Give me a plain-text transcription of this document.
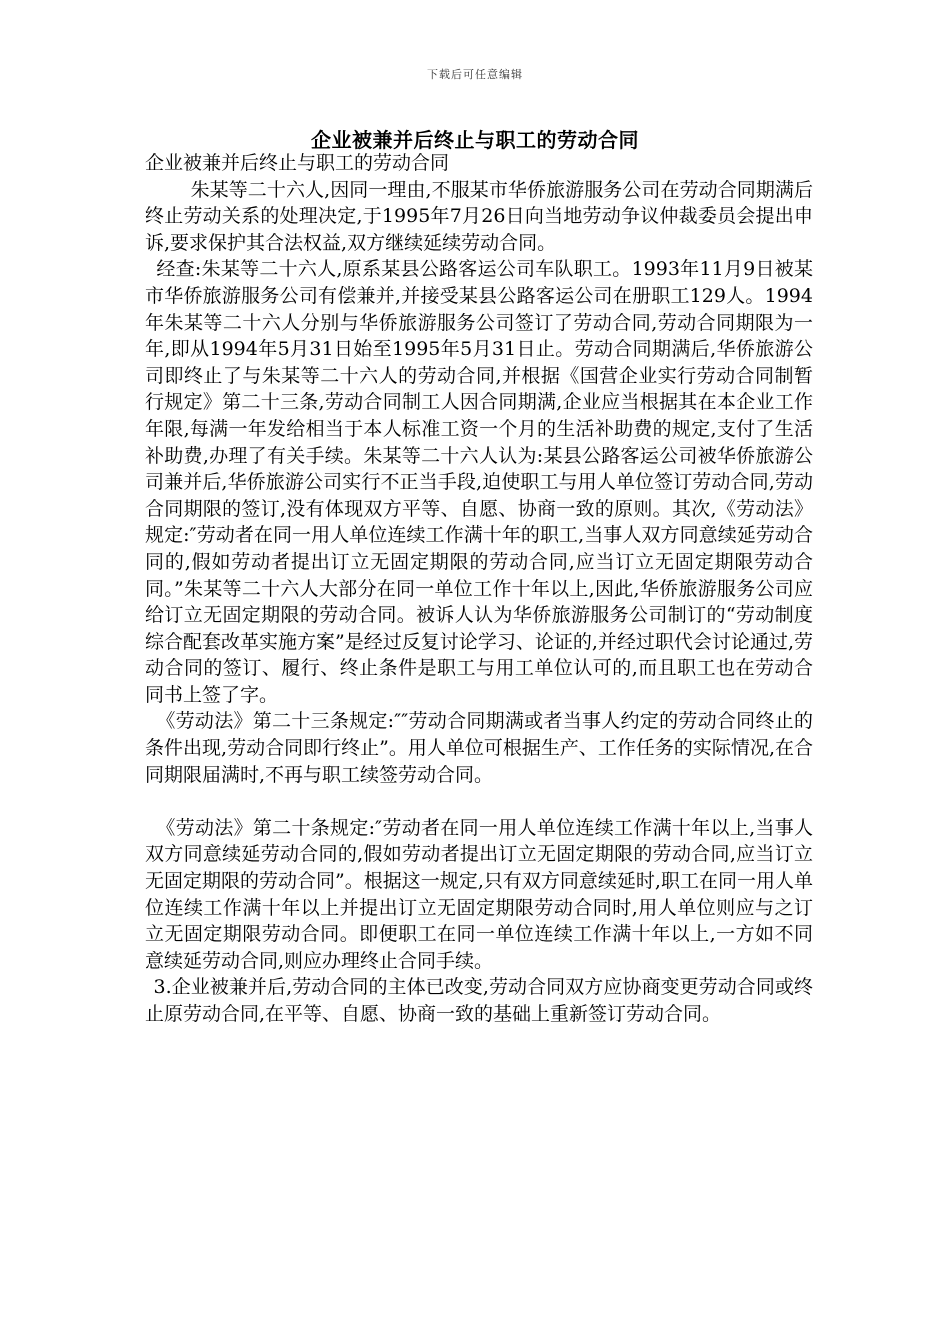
下载后可任意编辑
企业被兼并后终止与职工的劳动合同

企业被兼并后终止与职工的劳动合同

朱某等二十六人,因同一理由,不服某市华侨旅游服务公司在劳动合同期满后终止劳动关系的处理决定,于1995年7月26日向当地劳动争议仲裁委员会提出申诉,要求保护其合法权益,双方继续延续劳动合同。

经查:朱某等二十六人,原系某县公路客运公司车队职工。1993年11月9日被某市华侨旅游服务公司有偿兼并,并接受某县公路客运公司在册职工129人。1994年朱某等二十六人分别与华侨旅游服务公司签订了劳动合同,劳动合同期限为一年,即从1994年5月31日始至1995年5月31日止。劳动合同期满后,华侨旅游公司即终止了与朱某等二十六人的劳动合同,并根据《国营企业实行劳动合同制暂行规定》第二十三条,劳动合同制工人因合同期满,企业应当根据其在本企业工作年限,每满一年发给相当于本人标准工资一个月的生活补助费的规定,支付了生活补助费,办理了有关手续。朱某等二十六人认为:某县公路客运公司被华侨旅游公司兼并后,华侨旅游公司实行不正当手段,迫使职工与用人单位签订劳动合同,劳动合同期限的签订,没有体现双方平等、自愿、协商一致的原则。其次,《劳动法》规定:″劳动者在同一用人单位连续工作满十年的职工,当事人双方同意续延劳动合同的,假如劳动者提出订立无固定期限的劳动合同,应当订立无固定期限劳动合同。”朱某等二十六人大部分在同一单位工作十年以上,因此,华侨旅游服务公司应给订立无固定期限的劳动合同。被诉人认为华侨旅游服务公司制订的“劳动制度综合配套改革实施方案”是经过反复讨论学习、论证的,并经过职代会讨论通过,劳动合同的签订、履行、终止条件是职工与用工单位认可的,而且职工也在劳动合同书上签了字。

《劳动法》第二十三条规定:″″劳动合同期满或者当事人约定的劳动合同终止的条件出现,劳动合同即行终止”。用人单位可根据生产、工作任务的实际情况,在合同期限届满时,不再与职工续签劳动合同。

《劳动法》第二十条规定:″劳动者在同一用人单位连续工作满十年以上,当事人双方同意续延劳动合同的,假如劳动者提出订立无固定期限的劳动合同,应当订立无固定期限的劳动合同”。根据这一规定,只有双方同意续延时,职工在同一用人单位连续工作满十年以上并提出订立无固定期限劳动合同时,用人单位则应与之订立无固定期限劳动合同。即便职工在同一单位连续工作满十年以上,一方如不同意续延劳动合同,则应办理终止合同手续。

3.企业被兼并后,劳动合同的主体已改变,劳动合同双方应协商变更劳动合同或终止原劳动合同,在平等、自愿、协商一致的基础上重新签订劳动合同。
